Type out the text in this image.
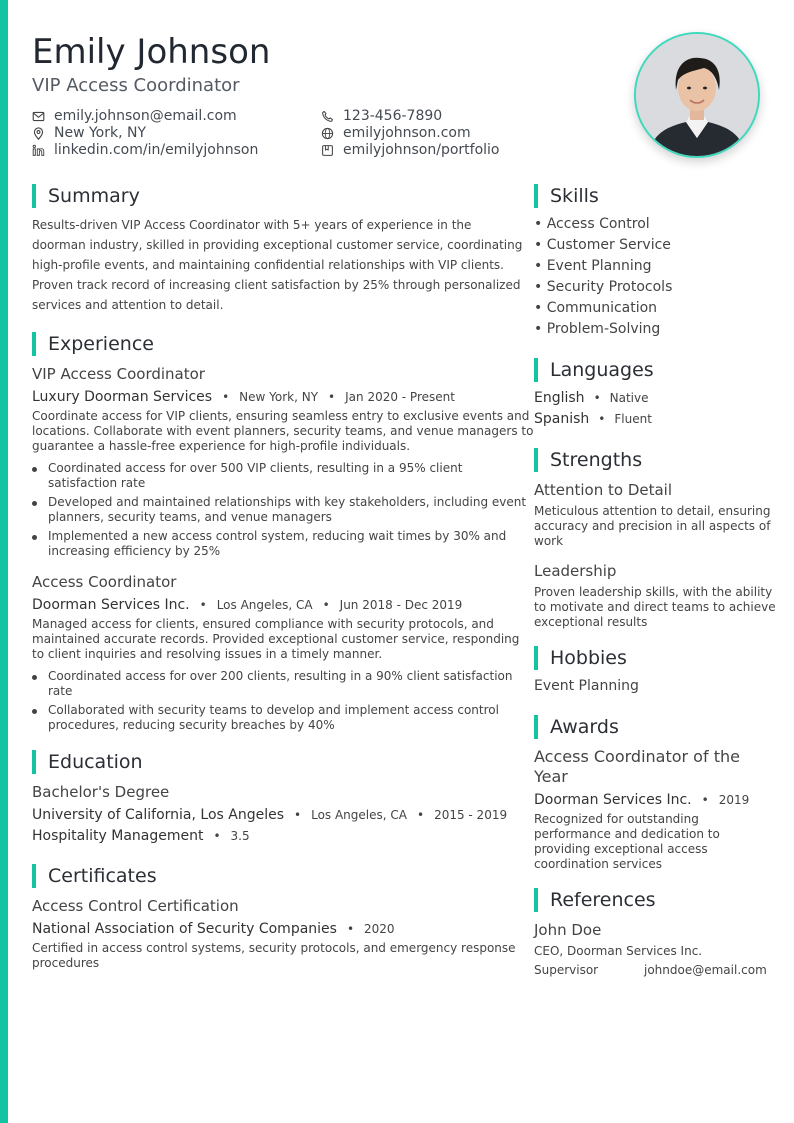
Emily Johnson
VIP Access Coordinator
emily.johnson@email.com	123-456-7890
New York, NY	emilyjohnson.com
linkedin.com/in/emilyjohnson	emilyjohnson/portfolio
Summary
Results-driven VIP Access Coordinator with 5+ years of experience in the
doorman industry, skilled in providing exceptional customer service, coordinating
high-profile events, and maintaining confidential relationships with VIP clients.
Proven track record of increasing client satisfaction by 25% through personalized
services and attention to detail.
Experience
VIP Access Coordinator
Luxury Doorman Services • New York, NY • Jan 2020 - Present
Coordinate access for VIP clients, ensuring seamless entry to exclusive events and
locations. Collaborate with event planners, security teams, and venue managers to
guarantee a hassle-free experience for high-profile individuals.
Coordinated access for over 500 VIP clients, resulting in a 95% client
satisfaction rate
Developed and maintained relationships with key stakeholders, including event
planners, security teams, and venue managers
Implemented a new access control system, reducing wait times by 30% and
increasing efficiency by 25%
Access Coordinator
Doorman Services Inc. • Los Angeles, CA • Jun 2018 - Dec 2019
Managed access for clients, ensured compliance with security protocols, and
maintained accurate records. Provided exceptional customer service, responding
to client inquiries and resolving issues in a timely manner.
Coordinated access for over 200 clients, resulting in a 90% client satisfaction
rate
Collaborated with security teams to develop and implement access control
procedures, reducing security breaches by 40%
Education
Bachelor's Degree
University of California, Los Angeles • Los Angeles, CA • 2015 - 2019
Hospitality Management • 3.5
Certificates
Access Control Certification
National Association of Security Companies • 2020
Certified in access control systems, security protocols, and emergency response
procedures
Skills
• Access Control
• Customer Service
• Event Planning
• Security Protocols
• Communication
• Problem-Solving
Languages
English • Native
Spanish • Fluent
Strengths
Attention to Detail
Meticulous attention to detail, ensuring
accuracy and precision in all aspects of
work
Leadership
Proven leadership skills, with the ability
to motivate and direct teams to achieve
exceptional results
Hobbies
Event Planning
Awards
Access Coordinator of the
Year
Doorman Services Inc. • 2019
Recognized for outstanding
performance and dedication to
providing exceptional access
coordination services
References
John Doe
CEO, Doorman Services Inc.
Supervisor	johndoe@email.com
